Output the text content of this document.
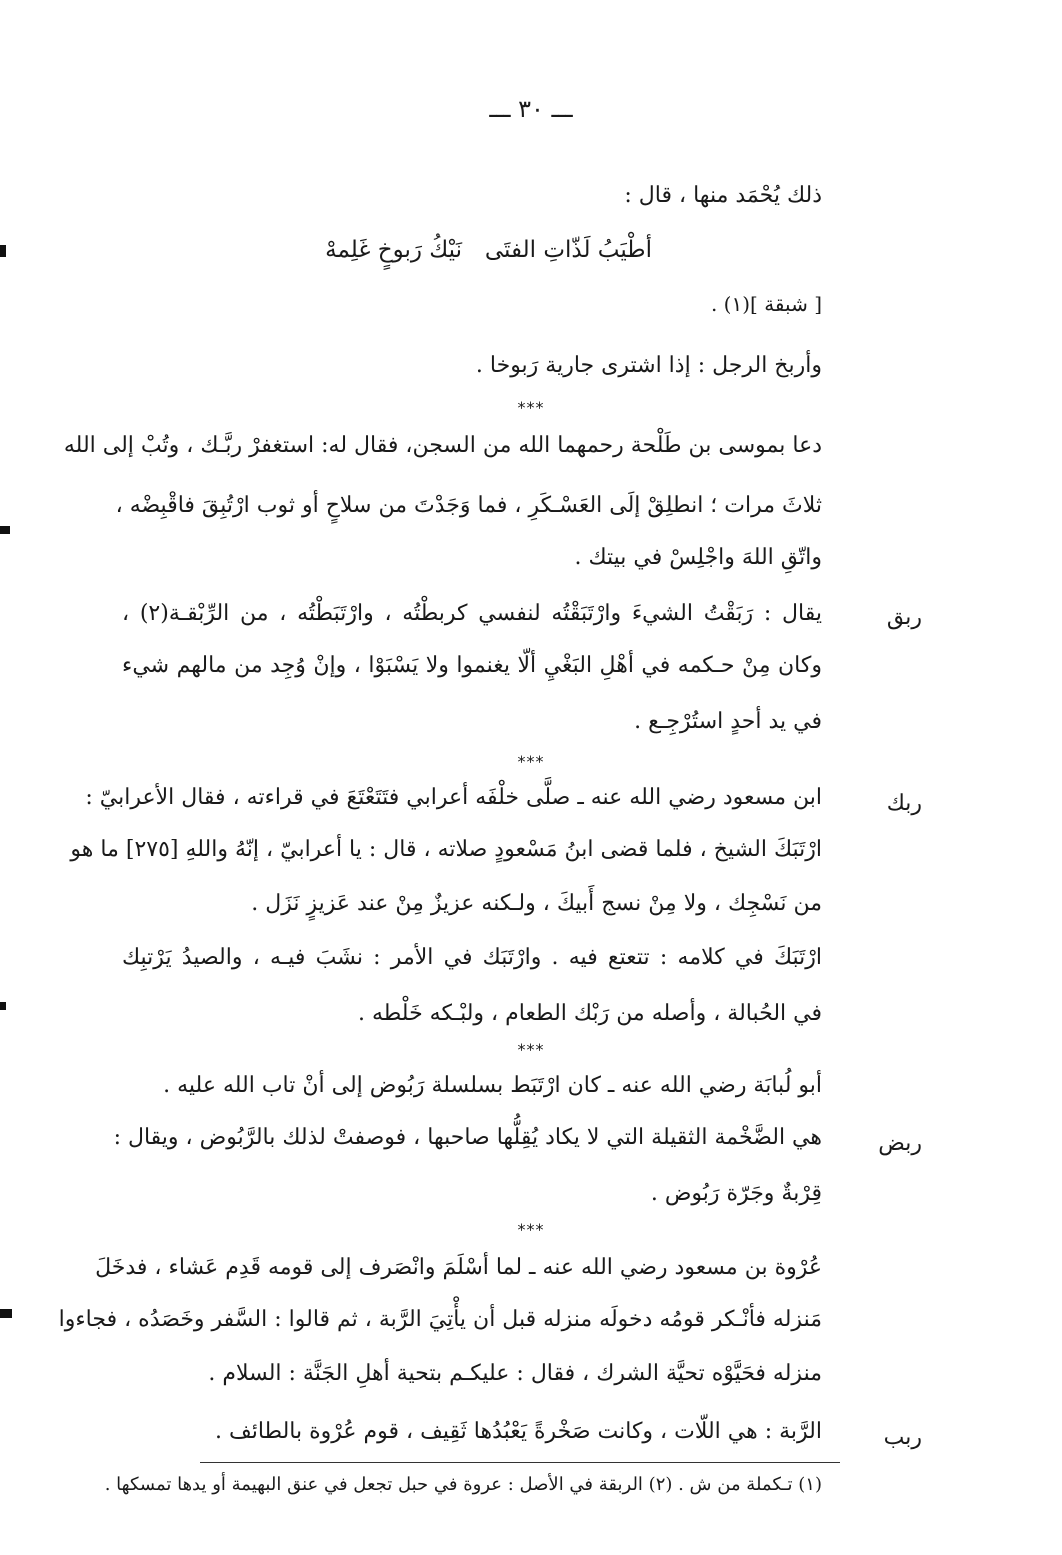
ـــ ٣٠ ـــ
ذلك يُحْمَد منها ، قال :
أطْيَبُ لَذّاتِ الفتَى
نَيْكُ رَبوخٍ غَلِمهْ
[ شبقة ](١) .
وأربخ الرجل : إذا اشترى جارية رَبوخا .
***
دعا بموسى بن طَلْحة رحمهما الله من السجن، فقال له: استغفرْ ربَّـك ، وتُبْ إلى الله
ثلاثَ مرات ؛ انطلِقْ إلَى العَسْـكَرِ ، فما وَجَدْتَ من سلاحٍ أو ثوب ارْتُبِقَ فاقْبِضْه ،
واتّقِ اللهَ واجْلِسْ في بيتك .
ربق
يقال : رَبَقْتُ الشيءَ وارْتَبَقْتُه لنفسي كربطْتُه ، وارْتَبَطْتُه ، من الرِّبْقـة(٢) ،
وكان مِنْ حـكمه في أهْلِ البَغْيِ ألّا يغنموا ولا يَسْبَوْا ، وإنْ وُجِد من مالهم شيء
في يد أحدٍ استُرْجِـع .
***
ربك
ابن مسعود رضي الله عنه ـ صلَّى خلْفَه أعرابي فتَتَعْتَعَ في قراءته ، فقال الأعرابيّ :
ارْتَبَكَ الشيخ ، فلما قضى ابنُ مَسْعودٍ صلاته ، قال : يا أعرابيّ ، إنّهُ واللهِ [٢٧٥] ما هو
من نَسْجِك ، ولا مِنْ نسج أَبيكَ ، ولـكنه عزيزٌ مِنْ عند عَزيزٍ نَزَل .
ارْتَبَكَ في كلامه : تتعتع فيه . وارْتَبَك في الأمر : نشَبَ فيـه ، والصيدُ يَرْتبِك
في الحُبالة ، وأصله من رَبْك الطعام ، ولبْـكه خَلْطه .
***
أبو لُبابَة رضي الله عنه ـ كان ارْتَبَط بسلسلة رَبُوض إلى أنْ تاب الله عليه .
ربض
هي الضَّخْمة الثقيلة التي لا يكاد يُقِلُّها صاحبها ، فوصفتْ لذلك بالرَّبُوض ، ويقال :
قِرْبةٌ وجَرّة رَبُوض .
***
عُرْوة بن مسعود رضي الله عنه ـ لما أسْلَمَ وانْصَرف إلى قومه قَدِم عَشاء ، فدخَلَ
مَنزله فأنْـكر قومُه دخولَه منزله قبل أن يأْتِيَ الرَّبة ، ثم قالوا : السَّفر وخَصَدُه ، فجاءوا
منزله فحَيَّوْه تحيَّة الشرك ، فقال : عليكـم بتحية أهلِ الجَنَّة : السلام .
ربب
الرَّبة : هي اللّات ، وكانت صَخْرةً يَعْبُدُها ثَقِيف ، قوم عُرْوة بالطائف .
(١) تـكملة من ش . (٢) الربقة في الأصل : عروة في حبل تجعل في عنق البهيمة أو يدها تمسكها .
